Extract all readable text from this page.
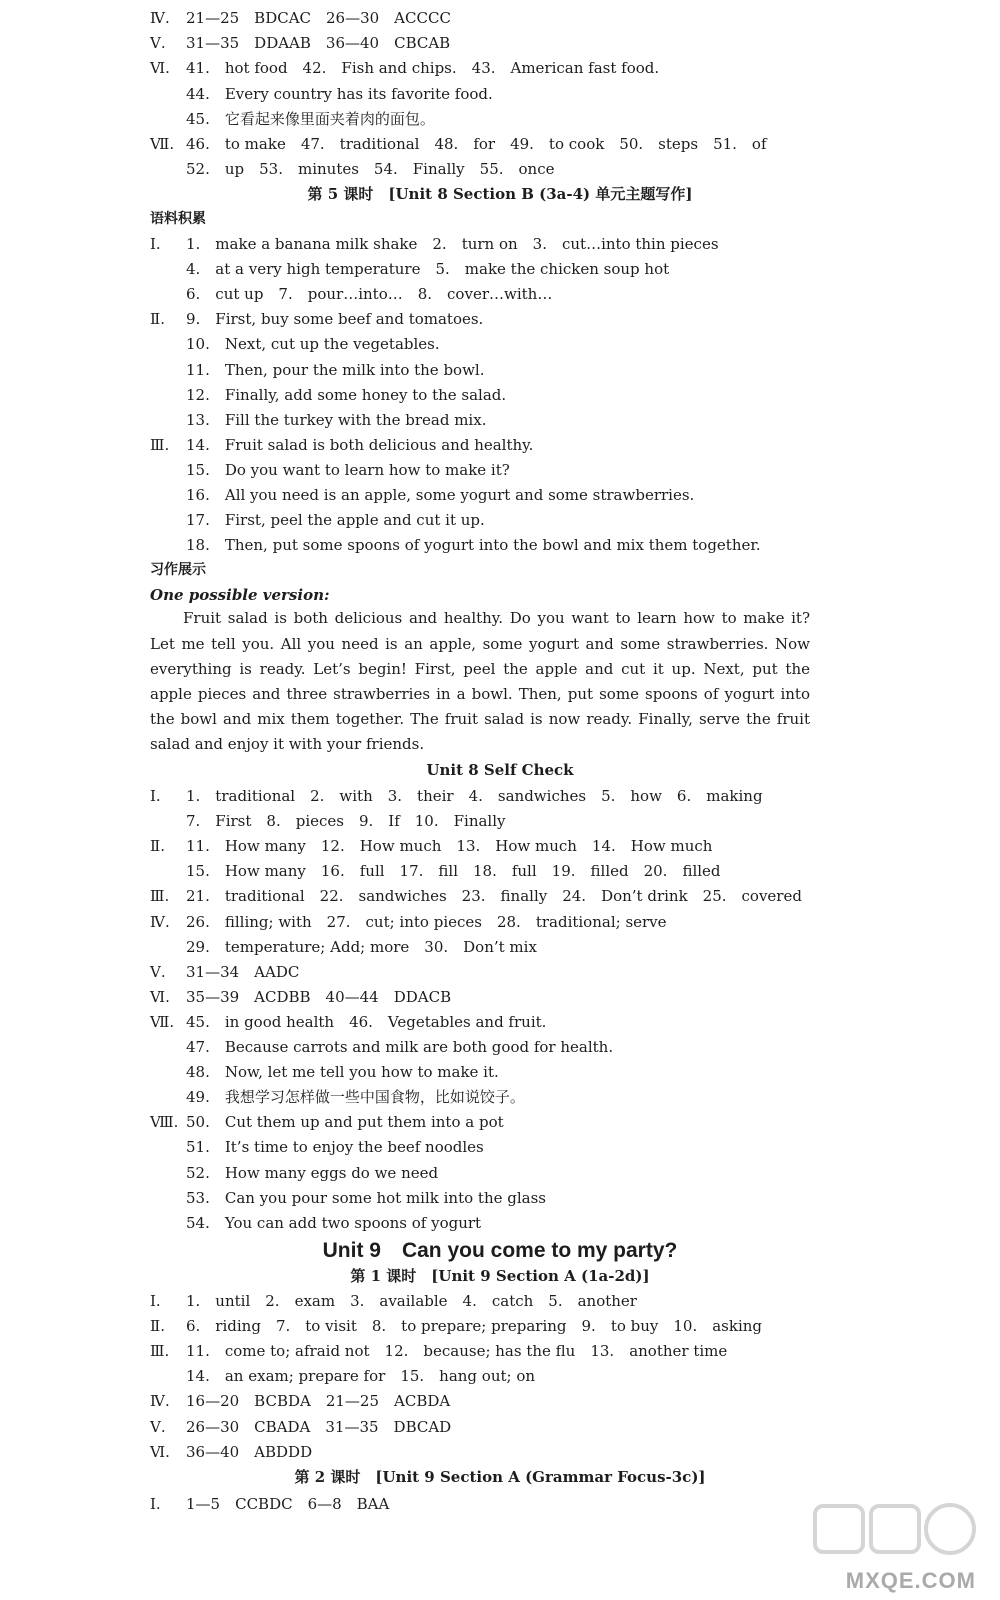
Ⅳ. 21—25　BDCAC　26—30　ACCCC
Ⅴ. 31—35　DDAAB　36—40　CBCAB
Ⅵ. 41.　hot food　42.　Fish and chips.　43.　American fast food.
44.　Every country has its favorite food.
45.　它看起来像里面夹着肉的面包。
Ⅶ. 46.　to make　47.　traditional　48.　for　49.　to cook　50.　steps　51.　of
52.　up　53.　minutes　54.　Finally　55.　once
第 5 课时　[Unit 8 Section B (3a-4) 单元主题写作]
语料积累
Ⅰ. 1.　make a banana milk shake　2.　turn on　3.　cut…into thin pieces
4.　at a very high temperature　5.　make the chicken soup hot
6.　cut up　7.　pour…into…　8.　cover…with…
Ⅱ. 9.　First, buy some beef and tomatoes.
10.　Next, cut up the vegetables.
11.　Then, pour the milk into the bowl.
12.　Finally, add some honey to the salad.
13.　Fill the turkey with the bread mix.
Ⅲ. 14.　Fruit salad is both delicious and healthy.
15.　Do you want to learn how to make it?
16.　All you need is an apple, some yogurt and some strawberries.
17.　First, peel the apple and cut it up.
18.　Then, put some spoons of yogurt into the bowl and mix them together.
习作展示
One possible version:
Fruit salad is both delicious and healthy. Do you want to learn how to make it? Let me tell you. All you need is an apple, some yogurt and some strawberries. Now everything is ready. Let’s begin! First, peel the apple and cut it up. Next, put the apple pieces and three strawberries in a bowl. Then, put some spoons of yogurt into the bowl and mix them together. The fruit salad is now ready. Finally, serve the fruit salad and enjoy it with your friends.
Unit 8 Self Check
Ⅰ. 1.　traditional　2.　with　3.　their　4.　sandwiches　5.　how　6.　making
7.　First　8.　pieces　9.　If　10.　Finally
Ⅱ. 11.　How many　12.　How much　13.　How much　14.　How much
15.　How many　16.　full　17.　fill　18.　full　19.　filled　20.　filled
Ⅲ. 21.　traditional　22.　sandwiches　23.　finally　24.　Don’t drink　25.　covered
Ⅳ. 26.　filling; with　27.　cut; into pieces　28.　traditional; serve
29.　temperature; Add; more　30.　Don’t mix
Ⅴ. 31—34　AADC
Ⅵ. 35—39　ACDBB　40—44　DDACB
Ⅶ. 45.　in good health　46.　Vegetables and fruit.
47.　Because carrots and milk are both good for health.
48.　Now, let me tell you how to make it.
49.　我想学习怎样做一些中国食物，比如说饺子。
Ⅷ. 50.　Cut them up and put them into a pot
51.　It’s time to enjoy the beef noodles
52.　How many eggs do we need
53.　Can you pour some hot milk into the glass
54.　You can add two spoons of yogurt
Unit 9　Can you come to my party?
第 1 课时　[Unit 9 Section A (1a-2d)]
Ⅰ. 1.　until　2.　exam　3.　available　4.　catch　5.　another
Ⅱ. 6.　riding　7.　to visit　8.　to prepare; preparing　9.　to buy　10.　asking
Ⅲ. 11.　come to; afraid not　12.　because; has the flu　13.　another time
14.　an exam; prepare for　15.　hang out; on
Ⅳ. 16—20　BCBDA　21—25　ACBDA
Ⅴ. 26—30　CBADA　31—35　DBCAD
Ⅵ. 36—40　ABDDD
第 2 课时　[Unit 9 Section A (Grammar Focus-3c)]
Ⅰ. 1—5　CCBDC　6—8　BAA
MXQE.COM
